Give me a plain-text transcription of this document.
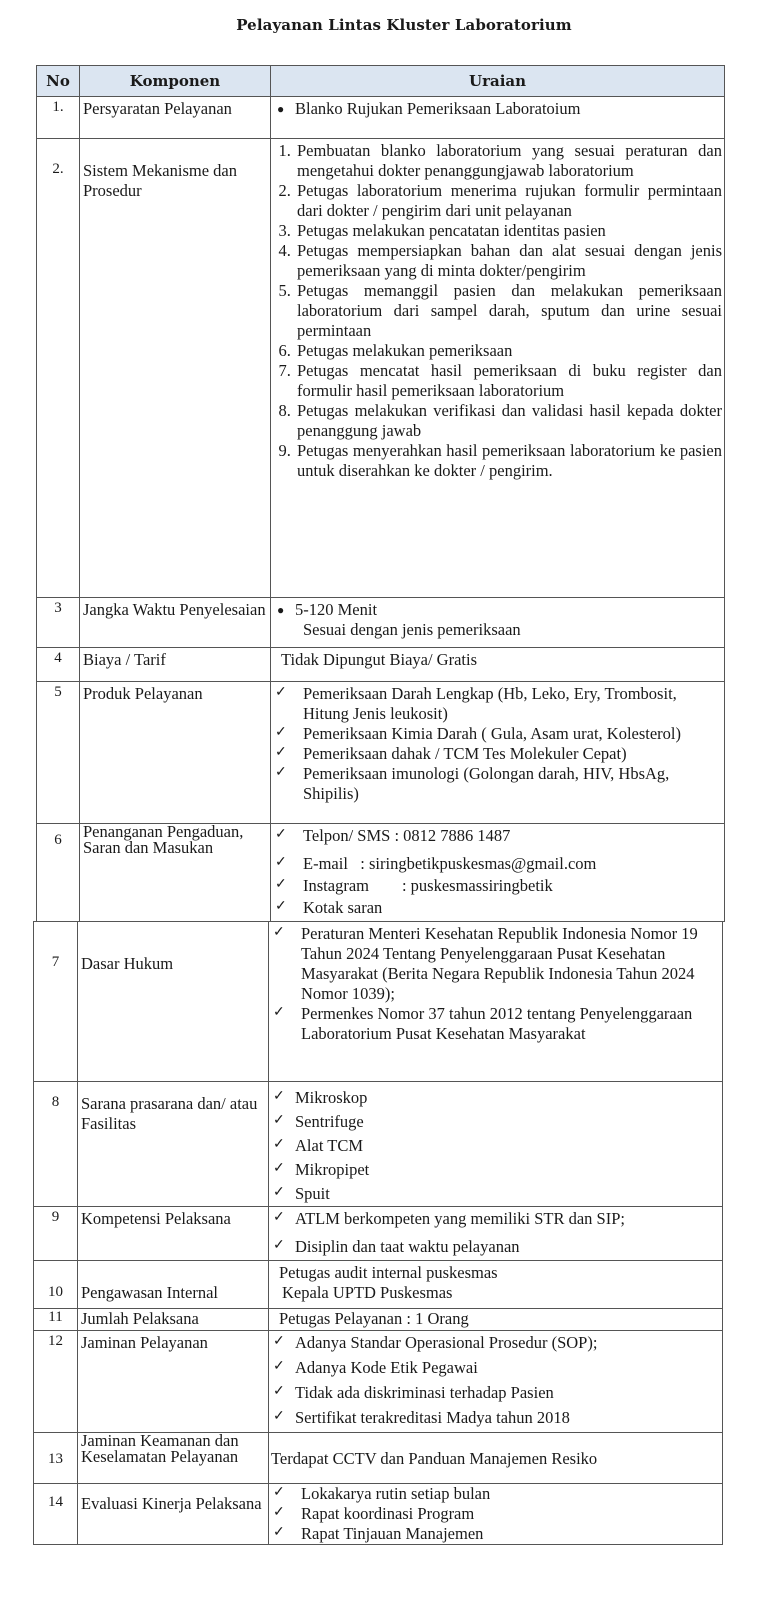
Pelayanan Lintas Kluster Laboratorium
No	Komponen	Uraian
1.	Persyaratan Pelayanan	● Blanko Rujukan Pemeriksaan Laboratoium

2.	Sistem Mekanisme dan Prosedur	
1. Pembuatan blanko laboratorium yang sesuai peraturan dan mengetahui dokter penanggungjawab laboratorium
2. Petugas laboratorium menerima rujukan formulir permintaan dari dokter / pengirim dari unit pelayanan
3. Petugas melakukan pencatatan identitas pasien
4. Petugas mempersiapkan bahan dan alat sesuai dengan jenis pemeriksaan yang di minta dokter/pengirim
5. Petugas memanggil pasien dan melakukan pemeriksaan laboratorium dari sampel darah, sputum dan urine sesuai permintaan
6. Petugas melakukan pemeriksaan
7. Petugas mencatat hasil pemeriksaan di buku register dan formulir hasil pemeriksaan laboratorium
8. Petugas melakukan verifikasi dan validasi hasil kepada dokter penanggung jawab
9. Petugas menyerahkan hasil pemeriksaan laboratorium ke pasien untuk diserahkan ke dokter / pengirim.

3	Jangka Waktu Penyelesaian	● 5-120 Menit
Sesuai dengan jenis pemeriksaan

4	Biaya / Tarif	Tidak Dipungut Biaya/ Gratis

5	Produk Pelayanan	✓ Pemeriksaan Darah Lengkap (Hb, Leko, Ery, Trombosit, Hitung Jenis leukosit)
✓ Pemeriksaan Kimia Darah ( Gula, Asam urat, Kolesterol)
✓ Pemeriksaan dahak / TCM Tes Molekuler Cepat)
✓ Pemeriksaan imunologi (Golongan darah, HIV, HbsAg, Shipilis)

6	Penanganan Pengaduan, Saran dan Masukan	
✓ Telpon/ SMS : 0812 7886 1487
✓ E-mail   : siringbetikpuskesmas@gmail.com
✓ Instagram        : puskesmassiringbetik
✓ Kotak saran
7	Dasar Hukum	
✓ Peraturan Menteri Kesehatan Republik Indonesia Nomor 19 Tahun 2024 Tentang Penyelenggaraan Pusat Kesehatan Masyarakat (Berita Negara Republik Indonesia Tahun 2024 Nomor 1039);
✓ Permenkes Nomor 37 tahun 2012 tentang Penyelenggaraan Laboratorium Pusat Kesehatan Masyarakat

8	Sarana prasarana dan/ atau Fasilitas	
✓ Mikroskop
✓ Sentrifuge
✓ Alat TCM
✓ Mikropipet
✓ Spuit

9	Kompetensi Pelaksana	✓ ATLM berkompeten yang memiliki STR dan SIP;
✓ Disiplin dan taat waktu pelayanan

10	Pengawasan Internal	Petugas audit internal puskesmas
Kepala UPTD Puskesmas

11	Jumlah Pelaksana	Petugas Pelayanan : 1 Orang

12	Jaminan Pelayanan	✓ Adanya Standar Operasional Prosedur (SOP);
✓ Adanya Kode Etik Pegawai
✓ Tidak ada diskriminasi terhadap Pasien
✓ Sertifikat terakreditasi Madya tahun 2018

13	Jaminan Keamanan dan Keselamatan Pelayanan	Terdapat CCTV dan Panduan Manajemen Resiko

14	Evaluasi Kinerja Pelaksana	
✓ Lokakarya rutin setiap bulan
✓ Rapat koordinasi Program
✓ Rapat Tinjauan Manajemen
